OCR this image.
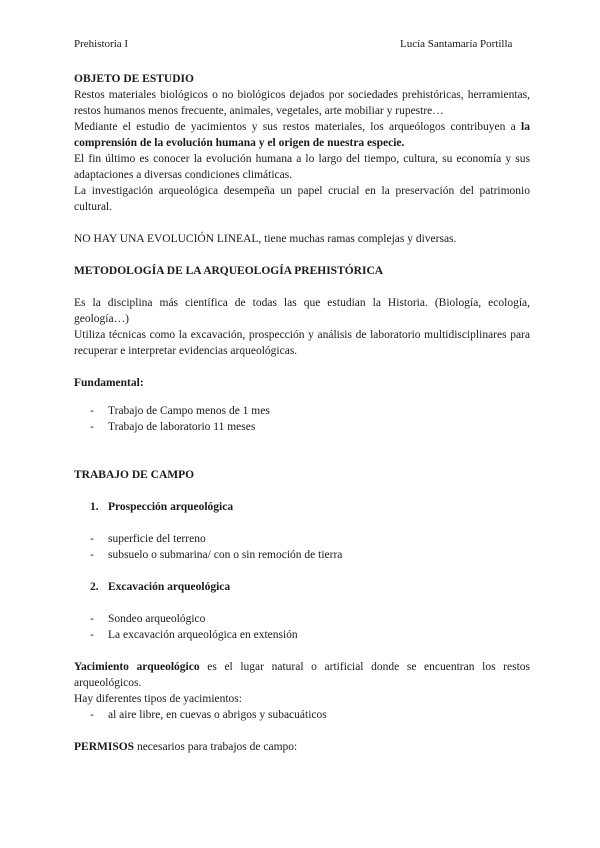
Prehistoria I	Lucía Santamaría Portilla
OBJETO DE ESTUDIO

Restos materiales biológicos o no biológicos dejados por sociedades prehistóricas, herramientas, restos humanos menos frecuente, animales, vegetales, arte mobiliar y rupestre…

Mediante el estudio de yacimientos y sus restos materiales, los arqueólogos contribuyen a la comprensión de la evolución humana y el origen de nuestra especie.

El fin último es conocer la evolución humana a lo largo del tiempo, cultura, su economía y sus adaptaciones a diversas condiciones climáticas.

La investigación arqueológica desempeña un papel crucial en la preservación del patrimonio cultural.

NO HAY UNA EVOLUCIÓN LINEAL, tiene muchas ramas complejas y diversas.

METODOLOGÍA DE LA ARQUEOLOGÍA PREHISTÓRICA

Es la disciplina más científica de todas las que estudian la Historia. (Biología, ecología, geología…)

Utiliza técnicas como la excavación, prospección y análisis de laboratorio multidisciplinares para recuperar e interpretar evidencias arqueológicas.

Fundamental:

- Trabajo de Campo menos de 1 mes
- Trabajo de laboratorio 11 meses
TRABAJO DE CAMPO

1. Prospección arqueológica

- superficie del terreno
- subsuelo o submarina/ con o sin remoción de tierra

2. Excavación arqueológica

- Sondeo arqueológico
- La excavación arqueológica en extensión

Yacimiento arqueológico es el lugar natural o artificial donde se encuentran los restos arqueológicos.

Hay diferentes tipos de yacimientos:

- al aire libre, en cuevas o abrigos y subacuáticos

PERMISOS necesarios para trabajos de campo:
